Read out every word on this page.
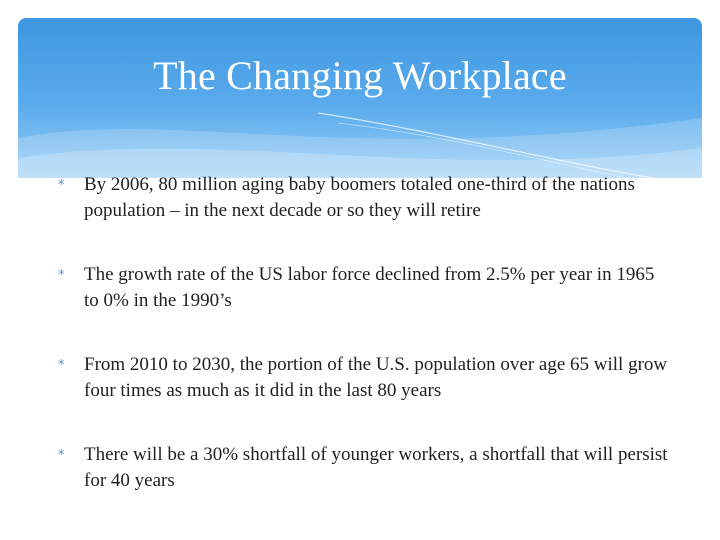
The Changing Workplace
* By 2006, 80 million aging baby boomers totaled one-third of the nations population – in the next decade or so they will retire
* The growth rate of the US labor force declined from 2.5% per year in 1965 to 0% in the 1990’s
* From 2010 to 2030, the portion of the U.S. population over age 65 will grow four times as much as it did in the last 80 years
* There will be a 30% shortfall of younger workers, a shortfall that will persist for 40 years
